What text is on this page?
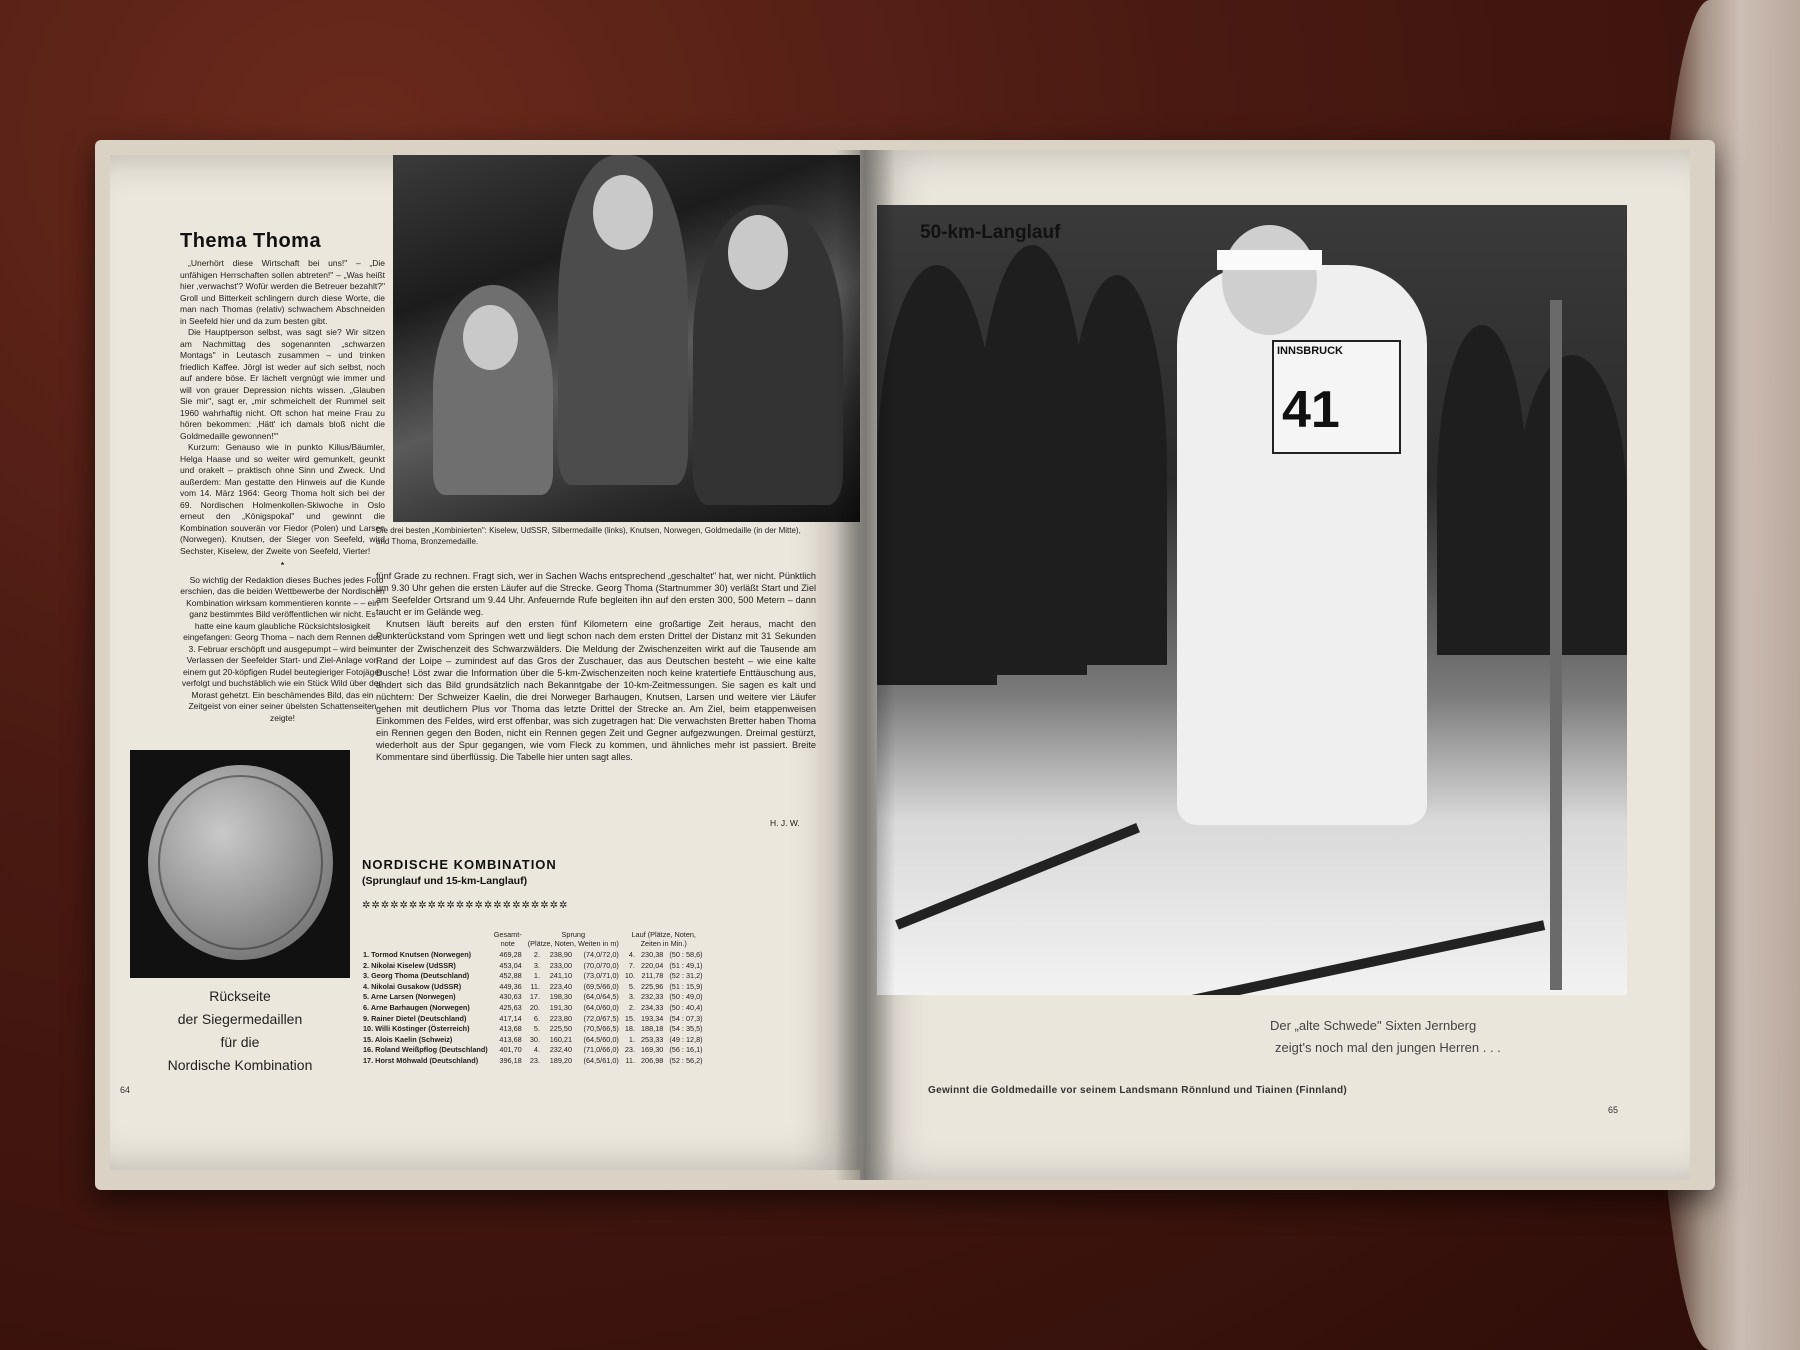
Thema Thoma
„Unerhört diese Wirtschaft bei uns!" – „Die unfähigen Herrschaften sollen abtreten!" – „Was heißt hier ‚verwachst'? Wofür werden die Betreuer bezahlt?" Groll und Bitterkeit schlingern durch diese Worte, die man nach Thomas (relativ) schwachem Abschneiden in Seefeld hier und da zum besten gibt.
Die Hauptperson selbst, was sagt sie? Wir sitzen am Nachmittag des sogenannten „schwarzen Montags" in Leutasch zusammen – und trinken friedlich Kaffee. Jörgl ist weder auf sich selbst, noch auf andere böse. Er lächelt vergnügt wie immer und will von grauer Depression nichts wissen. „Glauben Sie mir", sagt er, „mir schmeichelt der Rummel seit 1960 wahrhaftig nicht. Oft schon hat meine Frau zu hören bekommen: ‚Hätt' ich damals bloß nicht die Goldmedaille gewonnen!'"
Kurzum: Genauso wie in punkto Kilius/Bäumler, Helga Haase und so weiter wird gemunkelt, geunkt und orakelt – praktisch ohne Sinn und Zweck. Und außerdem: Man gestatte den Hinweis auf die Kunde vom 14. März 1964: Georg Thoma holt sich bei der 69. Nordischen Holmenkollen-Skiwoche in Oslo erneut den „Königspokal" und gewinnt die Kombination souverän vor Fiedor (Polen) und Larsen (Norwegen). Knutsen, der Sieger von Seefeld, wird Sechster, Kiselew, der Zweite von Seefeld, Vierter!
*
So wichtig der Redaktion dieses Buches jedes Foto erschien, das die beiden Wettbewerbe der Nordischen Kombination wirksam kommentieren konnte – – ein ganz bestimmtes Bild veröffentlichen wir nicht. Es hatte eine kaum glaubliche Rücksichtslosigkeit eingefangen: Georg Thoma – nach dem Rennen des 3. Februar erschöpft und ausgepumpt – wird beim Verlassen der Seefelder Start- und Ziel-Anlage von einem gut 20-köpfigen Rudel beutegieriger Fotojäger verfolgt und buchstäblich wie ein Stück Wild über den Morast gehetzt. Ein beschämendes Bild, das ein Zeitgeist von einer seiner übelsten Schattenseiten zeigte!
Die drei besten „Kombinierten": Kiselew, UdSSR, Silbermedaille (links), Knutsen, Norwegen, Goldmedaille (in der Mitte), und Thoma, Bronzemedaille.
fünf Grade zu rechnen. Fragt sich, wer in Sachen Wachs entsprechend „geschaltet" hat, wer nicht. Pünktlich um 9.30 Uhr gehen die ersten Läufer auf die Strecke. Georg Thoma (Startnummer 30) verläßt Start und Ziel am Seefelder Ortsrand um 9.44 Uhr. Anfeuernde Rufe begleiten ihn auf den ersten 300, 500 Metern – dann taucht er im Gelände weg.
Knutsen läuft bereits auf den ersten fünf Kilometern eine großartige Zeit heraus, macht den Punkterückstand vom Springen wett und liegt schon nach dem ersten Drittel der Distanz mit 31 Sekunden unter der Zwischenzeit des Schwarzwälders. Die Meldung der Zwischenzeiten wirkt auf die Tausende am Rand der Loipe – zumindest auf das Gros der Zuschauer, das aus Deutschen besteht – wie eine kalte Dusche! Löst zwar die Information über die 5-km-Zwischenzeiten noch keine kratertiefe Enttäuschung aus, ändert sich das Bild grundsätzlich nach Bekanntgabe der 10-km-Zeitmessungen. Sie sagen es kalt und nüchtern: Der Schweizer Kaelin, die drei Norweger Barhaugen, Knutsen, Larsen und weitere vier Läufer gehen mit deutlichem Plus vor Thoma das letzte Drittel der Strecke an. Am Ziel, beim etappenweisen Einkommen des Feldes, wird erst offenbar, was sich zugetragen hat: Die verwachsten Bretter haben Thoma ein Rennen gegen den Boden, nicht ein Rennen gegen Zeit und Gegner aufgezwungen. Dreimal gestürzt, wiederholt aus der Spur gegangen, wie vom Fleck zu kommen, und ähnliches mehr ist passiert. Breite Kommentare sind überflüssig. Die Tabelle hier unten sagt alles.
H. J. W.
Rückseite
der Siegermedaillen
für die
Nordische Kombination
64
NORDISCHE KOMBINATION
(Sprunglauf und 15-km-Langlauf)
✲✲✲✲✲✲✲✲✲✲✲✲✲✲✲✲✲✲✲✲✲✲
	Gesamt-
note	Sprung
(Plätze, Noten, Weiten in m)			Lauf (Plätze, Noten,
Zeiten in Min.)		
1. Tormod Knutsen (Norwegen)	469,28	2.	238,90	(74,0/72,0)	4.	230,38	(50 : 58,6)
2. Nikolai Kiselew (UdSSR)	453,04	3.	233,00	(70,0/70,0)	7.	220,04	(51 : 49,1)
3. Georg Thoma (Deutschland)	452,88	1.	241,10	(73,0/71,0)	10.	211,78	(52 : 31,2)
4. Nikolai Gusakow (UdSSR)	449,36	11.	223,40	(69,5/66,0)	5.	225,96	(51 : 15,9)
5. Arne Larsen (Norwegen)	430,63	17.	198,30	(64,0/64,5)	3.	232,33	(50 : 49,0)
6. Arne Barhaugen (Norwegen)	425,63	20.	191,30	(64,0/60,0)	2.	234,33	(50 : 40,4)
9. Rainer Dietel (Deutschland)	417,14	6.	223,80	(72,0/67,5)	15.	193,34	(54 : 07,3)
10. Willi Köstinger (Österreich)	413,68	5.	225,50	(70,5/66,5)	18.	188,18	(54 : 35,5)
15. Alois Kaelin (Schweiz)	413,68	30.	160,21	(64,5/60,0)	1.	253,33	(49 : 12,8)
16. Roland Weißpflog (Deutschland)	401,70	4.	232,40	(71,0/66,0)	23.	169,30	(56 : 16,1)
17. Horst Möhwald (Deutschland)	396,18	23.	189,20	(64,5/61,0)	11.	206,98	(52 : 56,2)
INNSBRUCK
41
50-km-Langlauf
Der „alte Schwede" Sixten Jernberg
zeigt's noch mal den jungen Herren . . .
Gewinnt die Goldmedaille vor seinem Landsmann Rönnlund und Tiainen (Finnland)
65
